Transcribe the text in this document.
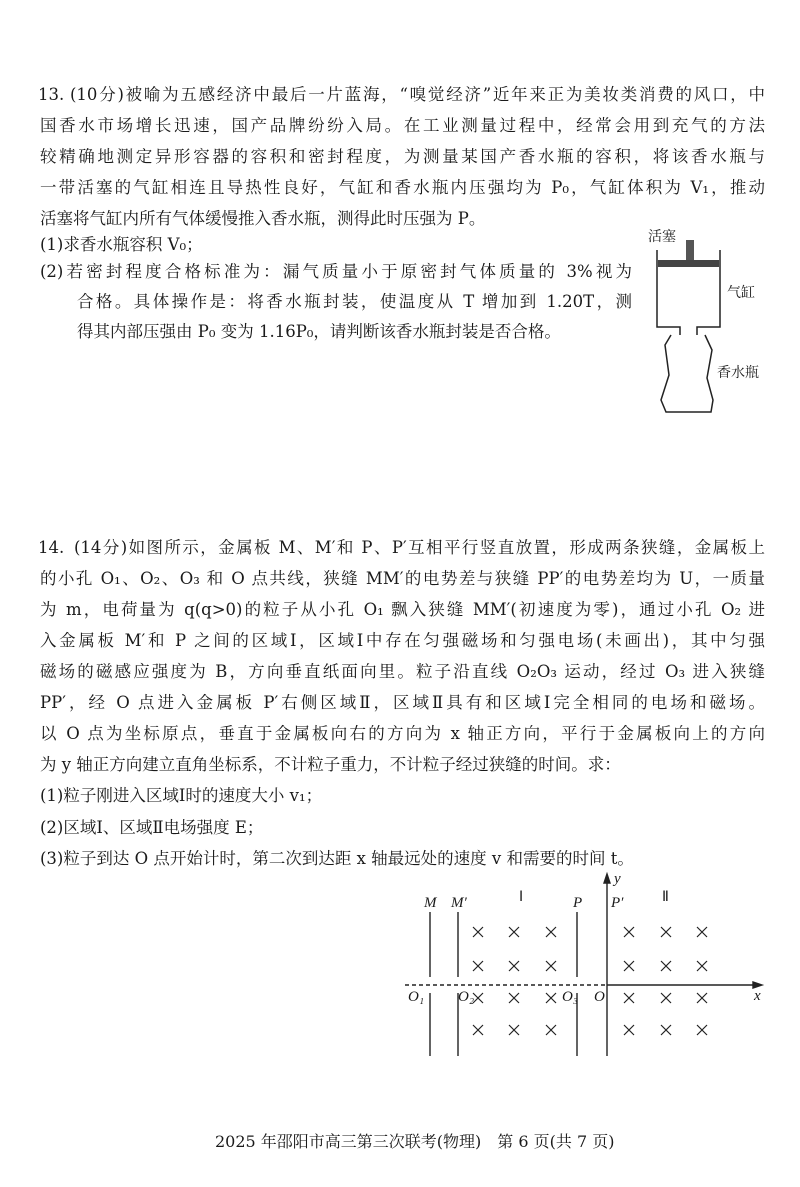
13. (10分)被喻为五感经济中最后一片蓝海，“嗅觉经济”近年来正为美妆类消费的风口，中
国香水市场增长迅速，国产品牌纷纷入局。在工业测量过程中，经常会用到充气的方法
较精确地测定异形容器的容积和密封程度，为测量某国产香水瓶的容积，将该香水瓶与
一带活塞的气缸相连且导热性良好，气缸和香水瓶内压强均为 P₀，气缸体积为 V₁，推动
活塞将气缸内所有气体缓慢推入香水瓶，测得此时压强为 P。
(1)求香水瓶容积 V₀；
(2)若密封程度合格标准为：漏气质量小于原密封气体质量的 3%视为
合格。具体操作是：将香水瓶封装，使温度从 T 增加到 1.20T，测
得其内部压强由 P₀ 变为 1.16P₀，请判断该香水瓶封装是否合格。
活塞
气缸
香水瓶
14. (14分)如图所示，金属板 M、M′和 P、P′互相平行竖直放置，形成两条狭缝，金属板上
的小孔 O₁、O₂、O₃ 和 O 点共线，狭缝 MM′的电势差与狭缝 PP′的电势差均为 U，一质量
为 m，电荷量为 q(q>0)的粒子从小孔 O₁ 飘入狭缝 MM′(初速度为零)，通过小孔 O₂ 进
入金属板 M′和 P 之间的区域Ⅰ，区域Ⅰ中存在匀强磁场和匀强电场(未画出)，其中匀强
磁场的磁感应强度为 B，方向垂直纸面向里。粒子沿直线 O₂O₃ 运动，经过 O₃ 进入狭缝
PP′，经 O 点进入金属板 P′右侧区域Ⅱ，区域Ⅱ具有和区域Ⅰ完全相同的电场和磁场。
以 O 点为坐标原点，垂直于金属板向右的方向为 x 轴正方向，平行于金属板向上的方向
为 y 轴正方向建立直角坐标系，不计粒子重力，不计粒子经过狭缝的时间。求：
(1)粒子刚进入区域Ⅰ时的速度大小 v₁；
(2)区域Ⅰ、区域Ⅱ电场强度 E；
(3)粒子到达 O 点开始计时，第二次到达距 x 轴最远处的速度 v 和需要的时间 t。
M M′	Ⅰ	P P′	Ⅱ
y
x
O₁ O₂	O₃ O
2025 年邵阳市高三第三次联考(物理)　第 6 页(共 7 页)
